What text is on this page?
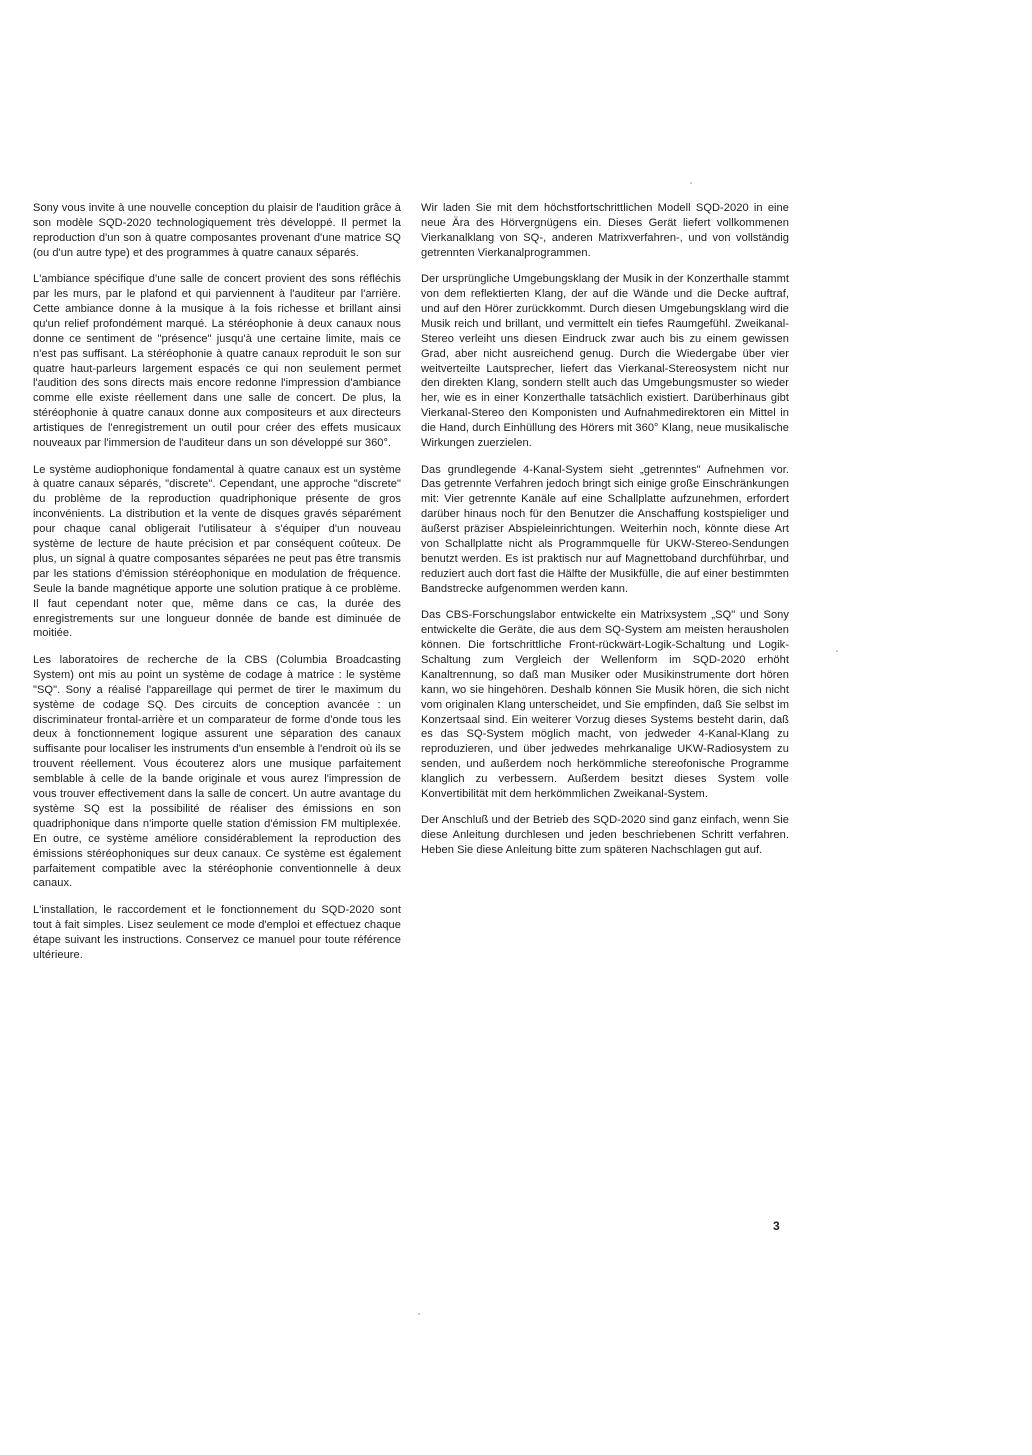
Sony vous invite à une nouvelle conception du plaisir de l'audition grâce à son modèle SQD-2020 technologiquement très développé. Il permet la reproduction d'un son à quatre composantes provenant d'une matrice SQ (ou d'un autre type) et des programmes à quatre canaux séparés.

L'ambiance spécifique d'une salle de concert provient des sons réfléchis par les murs, par le plafond et qui parviennent à l'auditeur par l'arrière. Cette ambiance donne à la musique à la fois richesse et brillant ainsi qu'un relief profondément marqué. La stéréophonie à deux canaux nous donne ce sentiment de "présence" jusqu'à une certaine limite, mais ce n'est pas suffisant. La stéréophonie à quatre canaux reproduit le son sur quatre haut-parleurs largement espacés ce qui non seulement permet l'audition des sons directs mais encore redonne l'impression d'ambiance comme elle existe réellement dans une salle de concert. De plus, la stéréophonie à quatre canaux donne aux compositeurs et aux directeurs artistiques de l'enregistrement un outil pour créer des effets musicaux nouveaux par l'immersion de l'auditeur dans un son développé sur 360°.

Le système audiophonique fondamental à quatre canaux est un système à quatre canaux séparés, "discrete". Cependant, une approche "discrete" du problème de la reproduction quadriphonique présente de gros inconvénients. La distribution et la vente de disques gravés séparément pour chaque canal obligerait l'utilisateur à s'équiper d'un nouveau système de lecture de haute précision et par conséquent coûteux. De plus, un signal à quatre composantes séparées ne peut pas être transmis par les stations d'émission stéréophonique en modulation de fréquence. Seule la bande magnétique apporte une solution pratique à ce problème. Il faut cependant noter que, même dans ce cas, la durée des enregistrements sur une longueur donnée de bande est diminuée de moitiée.

Les laboratoires de recherche de la CBS (Columbia Broadcasting System) ont mis au point un système de codage à matrice : le système "SQ". Sony a réalisé l'appareillage qui permet de tirer le maximum du système de codage SQ. Des circuits de conception avancée : un discriminateur frontal-arrière et un comparateur de forme d'onde tous les deux à fonctionnement logique assurent une séparation des canaux suffisante pour localiser les instruments d'un ensemble à l'endroit où ils se trouvent réellement. Vous écouterez alors une musique parfaitement semblable à celle de la bande originale et vous aurez l'impression de vous trouver effectivement dans la salle de concert. Un autre avantage du système SQ est la possibilité de réaliser des émissions en son quadriphonique dans n'importe quelle station d'émission FM multiplexée. En outre, ce système améliore considérablement la reproduction des émissions stéréophoniques sur deux canaux. Ce système est également parfaitement compatible avec la stéréophonie conventionnelle à deux canaux.

L'installation, le raccordement et le fonctionnement du SQD-2020 sont tout à fait simples. Lisez seulement ce mode d'emploi et effectuez chaque étape suivant les instructions. Conservez ce manuel pour toute référence ultérieure.

Wir laden Sie mit dem höchstfortschrittlichen Modell SQD-2020 in eine neue Ära des Hörvergnügens ein. Dieses Gerät liefert vollkommenen Vierkanalklang von SQ-, anderen Matrixverfahren-, und von vollständig getrennten Vierkanalprogrammen.

Der ursprüngliche Umgebungsklang der Musik in der Konzerthalle stammt von dem reflektierten Klang, der auf die Wände und die Decke auftraf, und auf den Hörer zurückkommt. Durch diesen Umgebungsklang wird die Musik reich und brillant, und vermittelt ein tiefes Raumgefühl. Zweikanal-Stereo verleiht uns diesen Eindruck zwar auch bis zu einem gewissen Grad, aber nicht ausreichend genug. Durch die Wiedergabe über vier weitverteilte Lautsprecher, liefert das Vierkanal-Stereosystem nicht nur den direkten Klang, sondern stellt auch das Umgebungsmuster so wieder her, wie es in einer Konzerthalle tatsächlich existiert. Darüberhinaus gibt Vierkanal-Stereo den Komponisten und Aufnahmedirektoren ein Mittel in die Hand, durch Einhüllung des Hörers mit 360° Klang, neue musikalische Wirkungen zuerzielen.

Das grundlegende 4-Kanal-System sieht „getrenntes" Aufnehmen vor. Das getrennte Verfahren jedoch bringt sich einige große Einschränkungen mit: Vier getrennte Kanäle auf eine Schallplatte aufzunehmen, erfordert darüber hinaus noch für den Benutzer die Anschaffung kostspieliger und äußerst präziser Abspieleinrichtungen. Weiterhin noch, könnte diese Art von Schallplatte nicht als Programmquelle für UKW-Stereo-Sendungen benutzt werden. Es ist praktisch nur auf Magnettoband durchführbar, und reduziert auch dort fast die Hälfte der Musikfülle, die auf einer bestimmten Bandstrecke aufgenommen werden kann.

Das CBS-Forschungslabor entwickelte ein Matrixsystem „SQ" und Sony entwickelte die Geräte, die aus dem SQ-System am meisten herausholen können. Die fortschrittliche Front-rückwärt-Logik-Schaltung und Logik-Schaltung zum Vergleich der Wellenform im SQD-2020 erhöht Kanaltrennung, so daß man Musiker oder Musikinstrumente dort hören kann, wo sie hingehören. Deshalb können Sie Musik hören, die sich nicht vom originalen Klang unterscheidet, und Sie empfinden, daß Sie selbst im Konzertsaal sind. Ein weiterer Vorzug dieses Systems besteht darin, daß es das SQ-System möglich macht, von jedweder 4-Kanal-Klang zu reproduzieren, und über jedwedes mehrkanalige UKW-Radiosystem zu senden, und außerdem noch herkömmliche stereofonische Programme klanglich zu verbessern. Außerdem besitzt dieses System volle Konvertibilität mit dem herkömmlichen Zweikanal-System.

Der Anschluß und der Betrieb des SQD-2020 sind ganz einfach, wenn Sie diese Anleitung durchlesen und jeden beschriebenen Schritt verfahren. Heben Sie diese Anleitung bitte zum späteren Nachschlagen gut auf.

3
